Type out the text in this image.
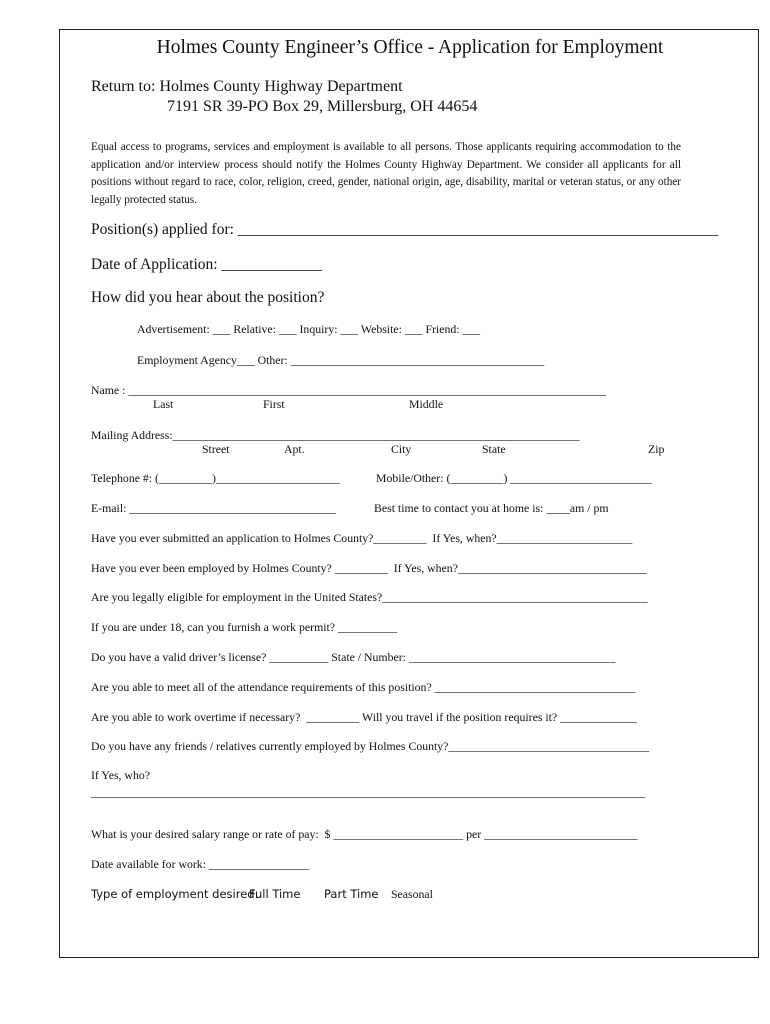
Holmes County Engineer’s Office - Application for Employment
Return to: Holmes County Highway Department
7191 SR 39-PO Box 29, Millersburg, OH 44654
Equal access to programs, services and employment is available to all persons. Those applicants requiring accommodation to the application and/or interview process should notify the Holmes County Highway Department. We consider all applicants for all positions without regard to race, color, religion, creed, gender, national origin, age, disability, marital or veteran status, or any other legally protected status.
Position(s) applied for: ______________________________________________________________
Date of Application: _____________
How did you hear about the position?
Advertisement: ___ Relative: ___ Inquiry: ___ Website: ___ Friend: ___
Employment Agency___ Other: ___________________________________________
Name : _________________________________________________________________________________
Last	First	Middle
Mailing Address:_____________________________________________________________________
Street	Apt.	City	State	Zip
Telephone #: (_________)_____________________	Mobile/Other: (_________) ________________________
E-mail: ___________________________________	Best time to contact you at home is: ____am / pm
Have you ever submitted an application to Holmes County?_________  If Yes, when?_______________________
Have you ever been employed by Holmes County? _________  If Yes, when?________________________________
Are you legally eligible for employment in the United States?_____________________________________________
If you are under 18, can you furnish a work permit? __________
Do you have a valid driver’s license? __________ State / Number: ___________________________________
Are you able to meet all of the attendance requirements of this position? __________________________________
Are you able to work overtime if necessary?  _________ Will you travel if the position requires it? _____________
Do you have any friends / relatives currently employed by Holmes County?__________________________________
If Yes, who?
______________________________________________________________________________________________
What is your desired salary range or rate of pay:  $ ______________________ per __________________________
Date available for work: _________________
Type of employment desired:
Full Time Part Time Seasonal
